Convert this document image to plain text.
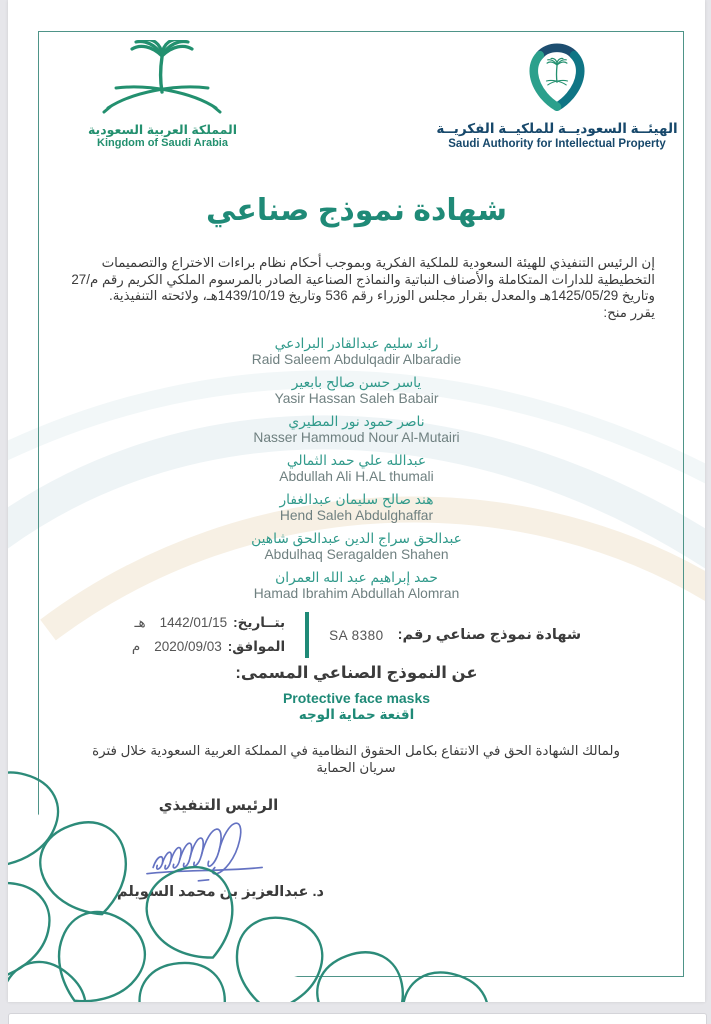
المملكة العربية السعودية
Kingdom of Saudi Arabia
الهيئــة السعوديــة للملكيــة الفكريــة
Saudi Authority for Intellectual Property
شهادة نموذج صناعي
إن الرئيس التنفيذي للهيئة السعودية للملكية الفكرية وبموجب أحكام نظام براءات الاختراع والتصميمات التخطيطية للدارات المتكاملة والأصناف النباتية والنماذج الصناعية الصادر بالمرسوم الملكي الكريم رقم م/27 وتاريخ 1425/05/29هـ والمعدل بقرار مجلس الوزراء رقم 536 وتاريخ 1439/10/19هـ، ولائحته التنفيذية.
يقرر منح:
رائد سليم عبدالقادر البرادعي
Raid Saleem Abdulqadir Albaradie
ياسر حسن صالح بابعير
Yasir Hassan Saleh Babair
ناصر حمود نور المطيري
Nasser Hammoud Nour Al-Mutairi
عبدالله علي حمد الثمالي
Abdullah Ali H.AL thumali
هند صالح سليمان عبدالغفار
Hend Saleh Abdulghaffar
عبدالحق سراج الدين عبدالحق شاهين
Abdulhaq Seragalden Shahen
حمد إبراهيم عبد الله العمران
Hamad Ibrahim Abdullah Alomran
شهادة نموذج صناعي رقم:
SA 8380
بتــاريخ:
1442/01/15
هـ
الموافق:
2020/09/03
م
عن النموذج الصناعي المسمى:
Protective face masks
اقنعة حماية الوجه
ولمالك الشهادة الحق في الانتفاع بكامل الحقوق النظامية في المملكة العربية السعودية خلال فترة سريان الحماية
الرئيس التنفيذي
د. عبدالعزيز بن محمد السويلم
